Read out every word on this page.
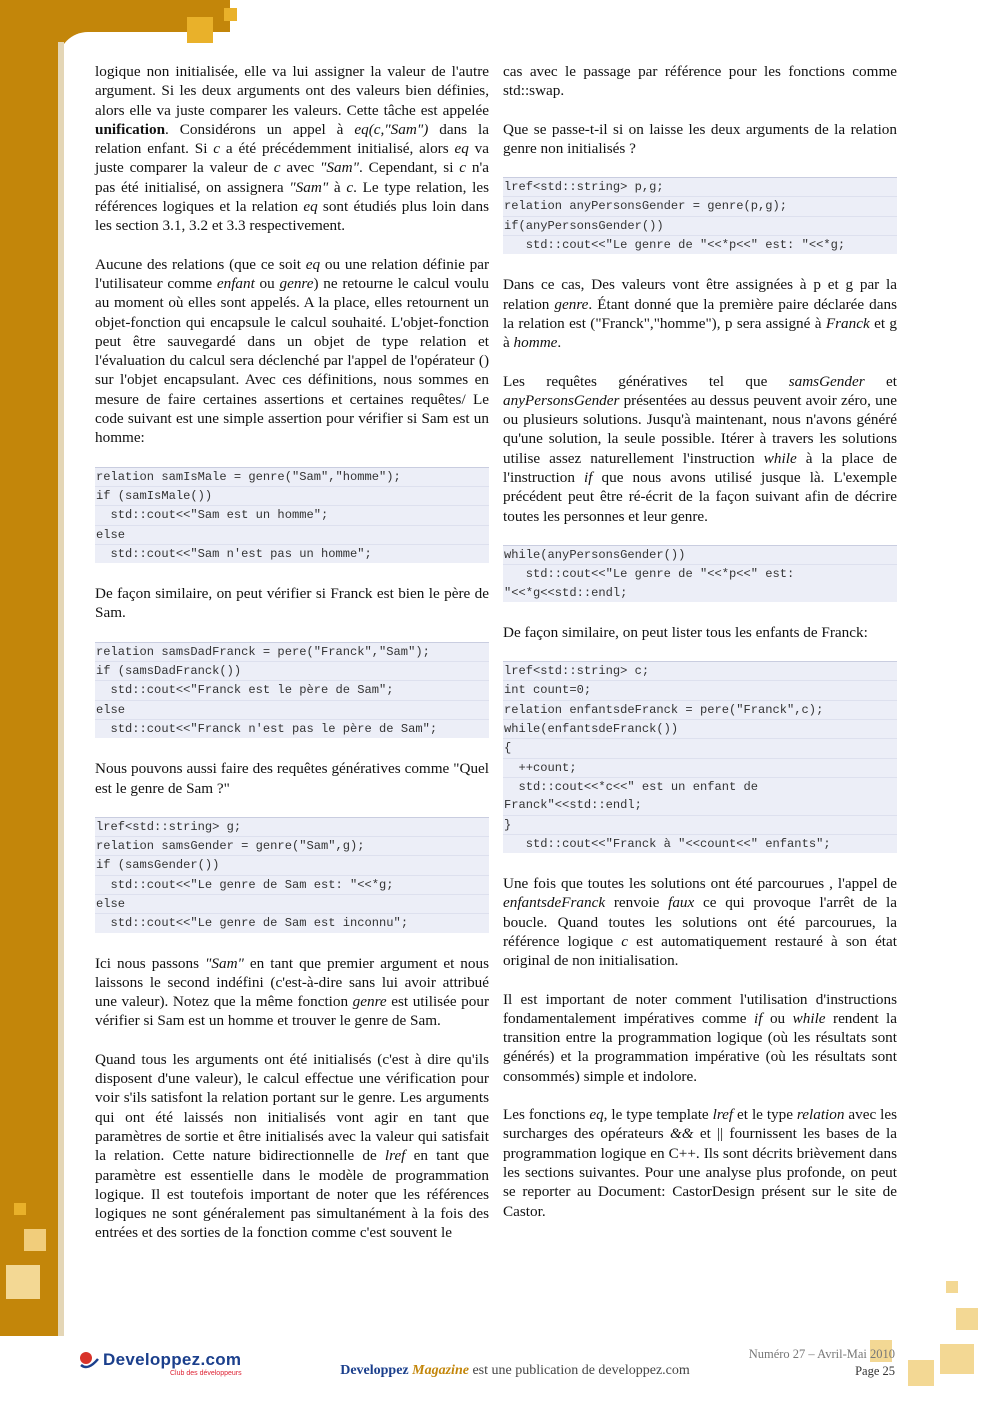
logique non initialisée, elle va lui assigner la valeur de l'autre argument. Si les deux arguments ont des valeurs bien définies, alors elle va juste comparer les valeurs. Cette tâche est appelée unification. Considérons un appel à eq(c,"Sam") dans la relation enfant. Si c a été précédemment initialisé, alors eq va juste comparer la valeur de c avec "Sam". Cependant, si c n'a pas été initialisé, on assignera "Sam" à c. Le type relation, les références logiques et la relation eq sont étudiés plus loin dans les section 3.1, 3.2 et 3.3 respectivement.

Aucune des relations (que ce soit eq ou une relation définie par l'utilisateur comme enfant ou genre) ne retourne le calcul voulu au moment où elles sont appelés. A la place, elles retournent un objet-fonction qui encapsule le calcul souhaité. L'objet-fonction peut être sauvegardé dans un objet de type relation et l'évaluation du calcul sera déclenché par l'appel de l'opérateur () sur l'objet encapsulant. Avec ces définitions, nous sommes en mesure de faire certaines assertions et certaines requêtes/ Le code suivant est une simple assertion pour vérifier si Sam est un homme:

relation samIsMale = genre("Sam","homme");
if (samIsMale())
std::cout<<"Sam est un homme";
else
std::cout<<"Sam n'est pas un homme";

De façon similaire, on peut vérifier si Franck est bien le père de Sam.

relation samsDadFranck = pere("Franck","Sam");
if (samsDadFranck())
std::cout<<"Franck est le père de Sam";
else
std::cout<<"Franck n'est pas le père de Sam";

Nous pouvons aussi faire des requêtes génératives comme "Quel est le genre de Sam ?"

lref<std::string> g;
relation samsGender = genre("Sam",g);
if (samsGender())
std::cout<<"Le genre de Sam est: "<<*g;
else
std::cout<<"Le genre de Sam est inconnu";

Ici nous passons "Sam" en tant que premier argument et nous laissons le second indéfini (c'est-à-dire sans lui avoir attribué une valeur). Notez que la même fonction genre est utilisée pour vérifier si Sam est un homme et trouver le genre de Sam.

Quand tous les arguments ont été initialisés (c'est à dire qu'ils disposent d'une valeur), le calcul effectue une vérification pour voir s'ils satisfont la relation portant sur le genre. Les arguments qui ont été laissés non initialisés vont agir en tant que paramètres de sortie et être initialisés avec la valeur qui satisfait la relation. Cette nature bidirectionnelle de lref en tant que paramètre est essentielle dans le modèle de programmation logique. Il est toutefois important de noter que les références logiques ne sont généralement pas simultanément à la fois des entrées et des sorties de la fonction comme c'est souvent le

cas avec le passage par référence pour les fonctions comme std::swap.

Que se passe-t-il si on laisse les deux arguments de la relation genre non initialisés ?

lref<std::string> p,g;
relation anyPersonsGender = genre(p,g);
if(anyPersonsGender())
std::cout<<"Le genre de "<<*p<<" est: "<<*g;

Dans ce cas, Des valeurs vont être assignées à p et g par la relation genre. Étant donné que la première paire déclarée dans la relation est ("Franck","homme"), p sera assigné à Franck et g à homme.

Les requêtes génératives tel que samsGender et anyPersonsGender présentées au dessus peuvent avoir zéro, une ou plusieurs solutions. Jusqu'à maintenant, nous n'avons généré qu'une solution, la seule possible. Itérer à travers les solutions utilise assez naturellement l'instruction while à la place de l'instruction if que nous avons utilisé jusque là. L'exemple précédent peut être ré-écrit de la façon suivant afin de décrire toutes les personnes et leur genre.

while(anyPersonsGender())
std::cout<<"Le genre de "<<*p<<" est:
"<<*g<<std::endl;

De façon similaire, on peut lister tous les enfants de Franck:

lref<std::string> c;
int count=0;
relation enfantsdeFranck = pere("Franck",c);
while(enfantsdeFranck())
{
++count;
std::cout<<*c<<" est un enfant de
Franck"<<std::endl;
}
std::cout<<"Franck à "<<count<<" enfants";

Une fois que toutes les solutions ont été parcourues , l'appel de enfantsdeFranck renvoie faux ce qui provoque l'arrêt de la boucle. Quand toutes les solutions ont été parcourues, la référence logique c est automatiquement restauré à son état original de non initialisation.

Il est important de noter comment l'utilisation d'instructions fondamentalement impératives comme if ou while rendent la transition entre la programmation logique (où les résultats sont générés) et la programmation impérative (où les résultats sont consommés) simple et indolore.

Les fonctions eq, le type template lref et le type relation avec les surcharges des opérateurs && et || fournissent les bases de la programmation logique en C++. Ils sont décrits brièvement dans les sections suivantes. Pour une analyse plus profonde, on peut se reporter au Document: CastorDesign présent sur le site de Castor.

Developpez.com
Club des développeurs	Developpez Magazine est une publication de developpez.com
Numéro 27 – Avril-Mai 2010
Page 25
